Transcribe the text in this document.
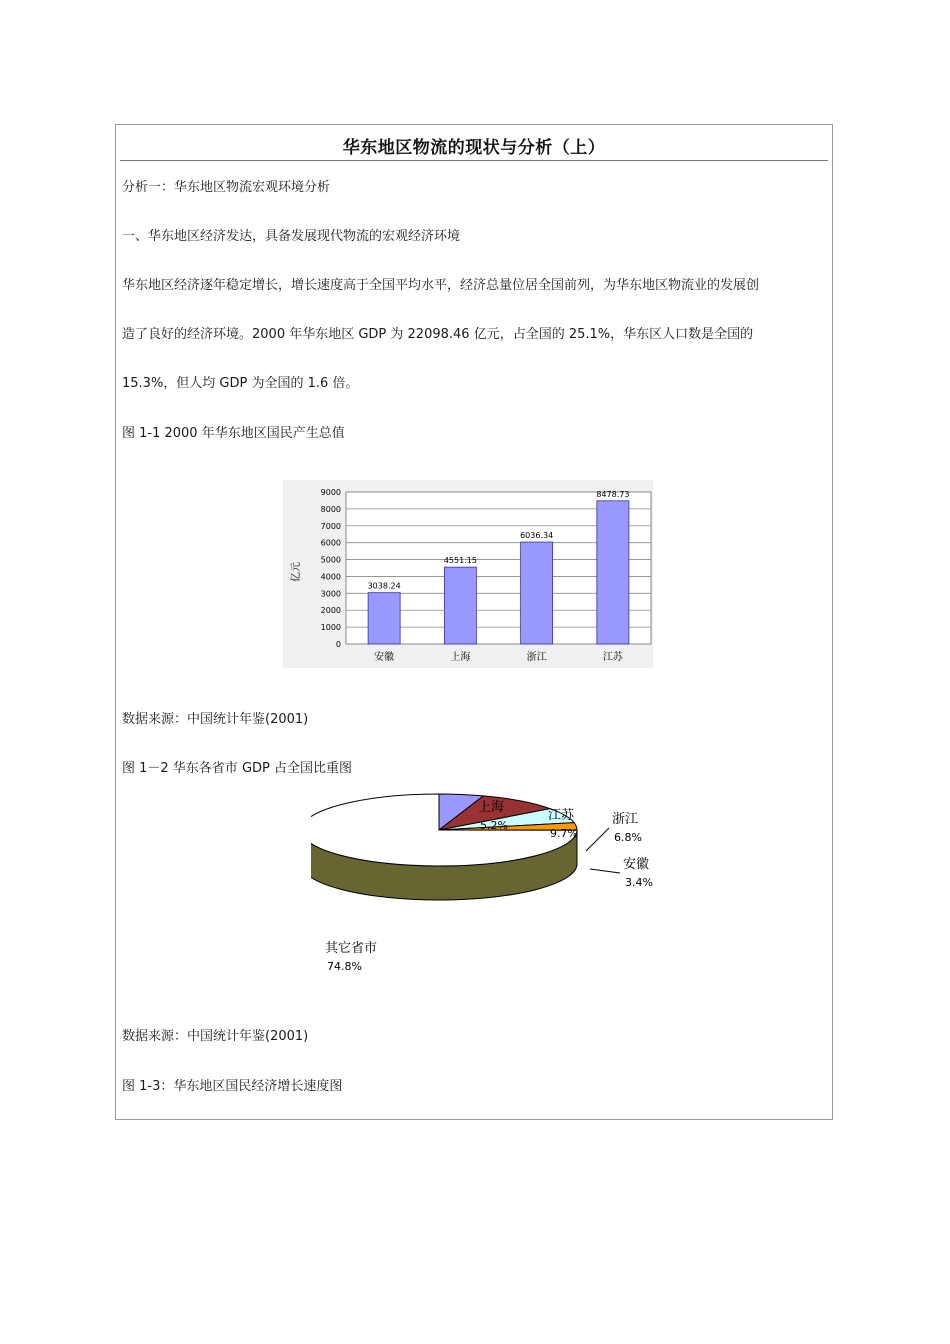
华东地区物流的现状与分析（上）
分析一：华东地区物流宏观环境分析
一、华东地区经济发达，具备发展现代物流的宏观经济环境
华东地区经济逐年稳定增长，增长速度高于全国平均水平，经济总量位居全国前列，为华东地区物流业的发展创
造了良好的经济环境。2000 年华东地区 GDP 为 22098.46 亿元，占全国的 25.1%，华东区人口数是全国的
15.3%，但人均 GDP 为全国的 1.6 倍。
图 1-1 2000 年华东地区国民产生总值
0
1000
2000
3000
4000
5000
6000
7000
8000
9000
3038.24
4551.15
6036.34
8478.73
安徽	上海	浙江	江苏
亿元
数据来源：中国统计年鉴(2001)
图 1－2 华东各省市 GDP 占全国比重图
上海
5.2%
江苏
9.7%
浙江
6.8%
安徽
3.4%
其它省市
74.8%
数据来源：中国统计年鉴(2001)
图 1-3：华东地区国民经济增长速度图
